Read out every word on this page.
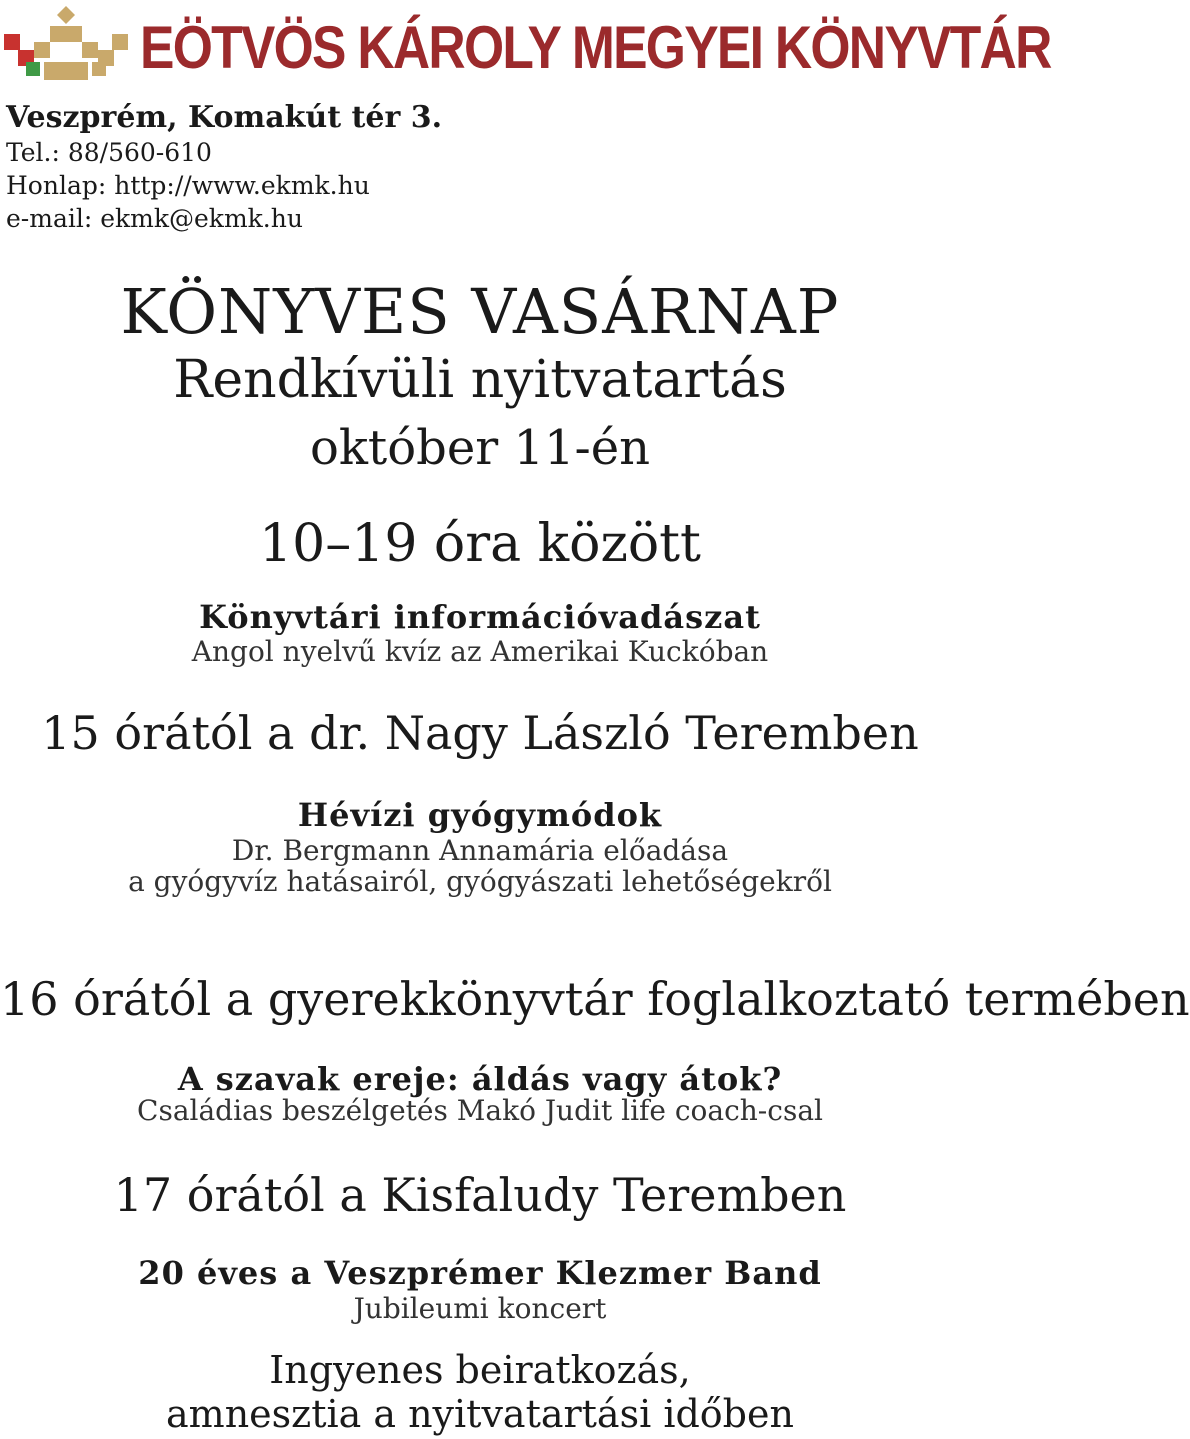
EÖTVÖS KÁROLY MEGYEI KÖNYVTÁR
Veszprém, Komakút tér 3.
Tel.: 88/560-610
Honlap: http://www.ekmk.hu
e-mail: ekmk@ekmk.hu
KÖNYVES VASÁRNAP
Rendkívüli nyitvatartás
október 11-én
10–19 óra között
Könyvtári információvadászat
Angol nyelvű kvíz az Amerikai Kuckóban
15 órától a dr. Nagy László Teremben
Hévízi gyógymódok
Dr. Bergmann Annamária előadása
a gyógyvíz hatásairól, gyógyászati lehetőségekről
16 órától a gyerekkönyvtár foglalkoztató termében
A szavak ereje: áldás vagy átok?
Családias beszélgetés Makó Judit life coach-csal
17 órától a Kisfaludy Teremben
20 éves a Veszprémer Klezmer Band
Jubileumi koncert
Ingyenes beiratkozás,
amnesztia a nyitvatartási időben
